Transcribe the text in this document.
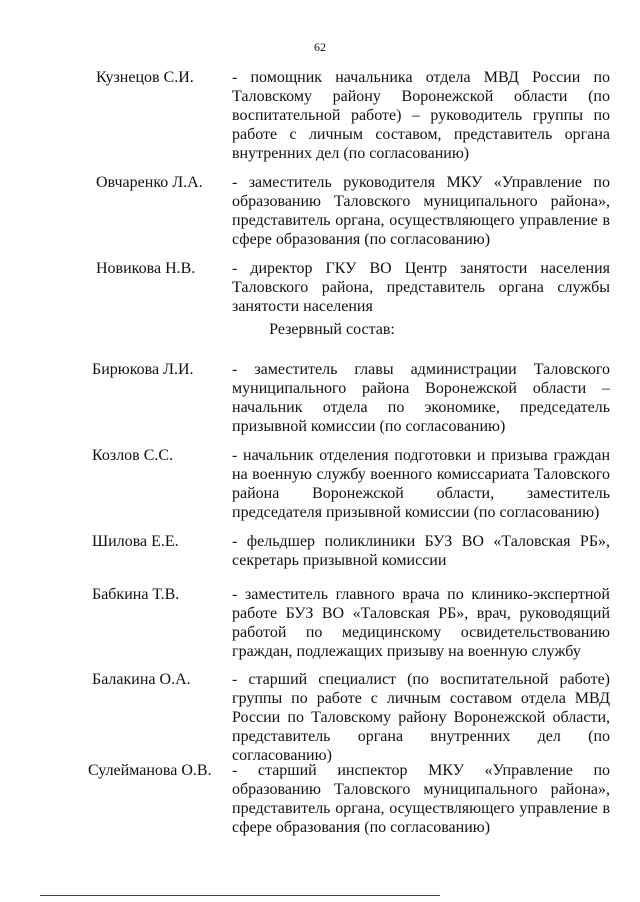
62
Кузнецов С.И. - помощник начальника отдела МВД России по Таловскому району Воронежской области (по воспитательной работе) – руководитель группы по работе с личным составом, представитель органа внутренних дел (по согласованию)

Овчаренко Л.А. - заместитель руководителя МКУ «Управление по образованию Таловского муниципального района», представитель органа, осуществляющего управление в сфере образования (по согласованию)

Новикова Н.В. - директор ГКУ ВО Центр занятости населения Таловского района, представитель органа службы занятости населения

Резервный состав:
Бирюкова Л.И. - заместитель главы администрации Таловского муниципального района Воронежской области – начальник отдела по экономике, председатель призывной комиссии (по согласованию)

Козлов С.С.	- начальник отделения подготовки и призыва граждан на военную службу военного комиссариата Таловского района Воронежской области, заместитель председателя призывной комиссии (по согласованию)

Шилова Е.Е.	- фельдшер поликлиники БУЗ ВО «Таловская РБ», секретарь призывной комиссии

Бабкина Т.В.	- заместитель главного врача по клинико-экспертной работе БУЗ ВО «Таловская РБ», врач, руководящий работой по медицинскому освидетельствованию граждан, подлежащих призыву на военную службу

Балакина О.А.	- старший специалист (по воспитательной работе) группы по работе с личным составом отдела МВД России по Таловскому району Воронежской области, представитель органа внутренних дел (по согласованию)

Сулейманова О.В. - старший инспектор МКУ «Управление по образованию Таловского муниципального района», представитель органа, осуществляющего управление в сфере образования (по согласованию)
